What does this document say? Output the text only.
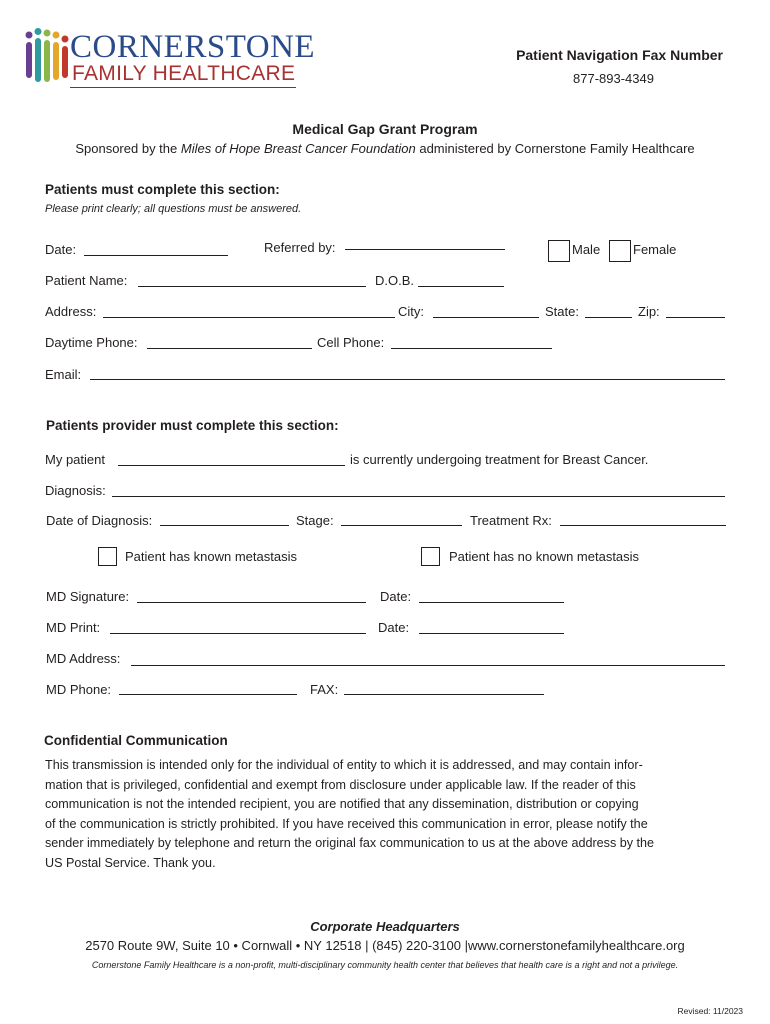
CORNERSTONE
FAMILY HEALTHCARE
Patient Navigation Fax Number
877-893-4349
Medical Gap Grant Program
Sponsored by the Miles of Hope Breast Cancer Foundation administered by Cornerstone Family Healthcare
Patients must complete this section:
Please print clearly; all questions must be answered.
Date:	Referred by:	Male	Female
Patient Name:	D.O.B.
Address:	City:	State:	Zip:
Daytime Phone:	Cell Phone:
Email:
Patients provider must complete this section:
My patient	is currently undergoing treatment for Breast Cancer.
Diagnosis:
Date of Diagnosis:	Stage:	Treatment Rx:
Patient has known metastasis	Patient has no known metastasis
MD Signature:	Date:
MD Print:	Date:
MD Address:
MD Phone:	FAX:
Confidential Communication
This transmission is intended only for the individual of entity to which it is addressed, and may contain infor-
mation that is privileged, confidential and exempt from disclosure under applicable law. If the reader of this
communication is not the intended recipient, you are notified that any dissemination, distribution or copying
of the communication is strictly prohibited. If you have received this communication in error, please notify the
sender immediately by telephone and return the original fax communication to us at the above address by the
US Postal Service. Thank you.
Corporate Headquarters
2570 Route 9W, Suite 10 • Cornwall • NY 12518 | (845) 220-3100 |www.cornerstonefamilyhealthcare.org
Cornerstone Family Healthcare is a non-profit, multi-disciplinary community health center that believes that health care is a right and not a privilege.
Revised: 11/2023
